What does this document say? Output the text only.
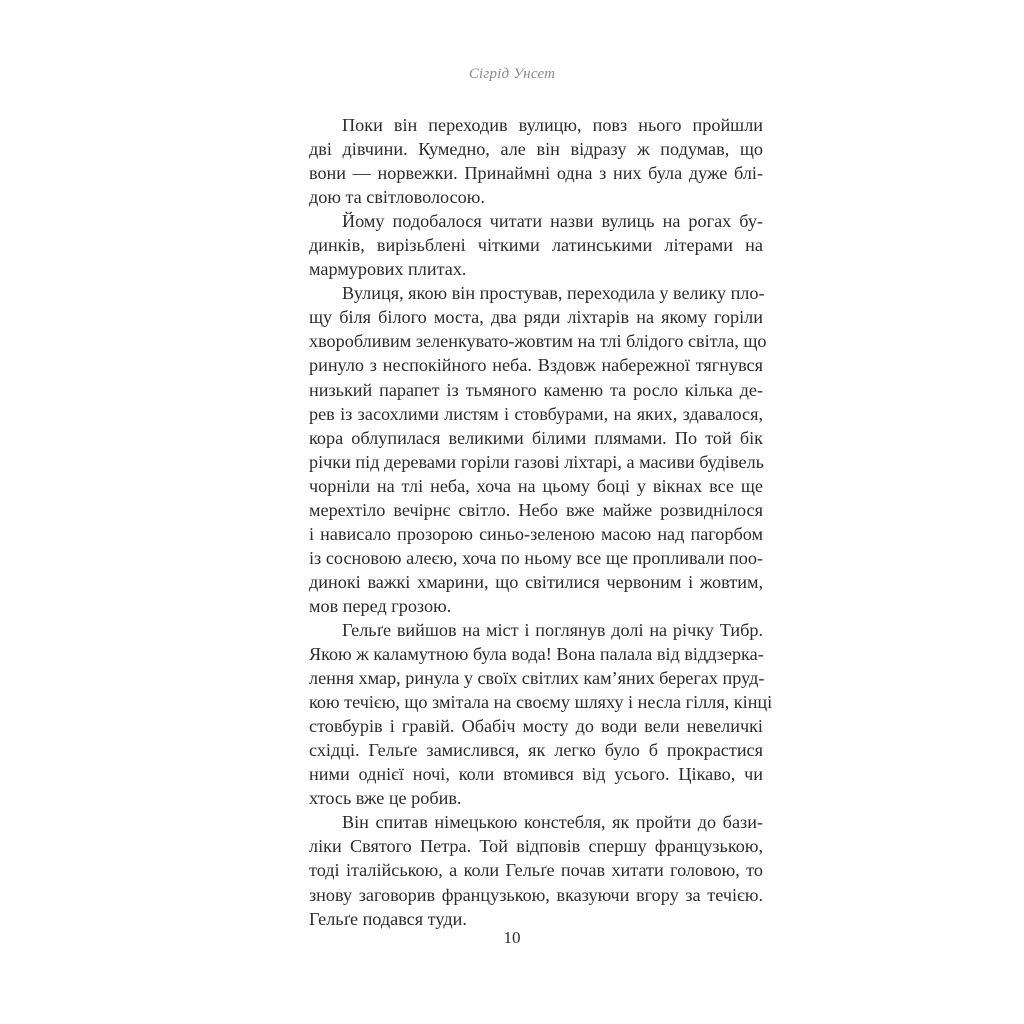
Сігрід Унсет
Поки він переходив вулицю, повз нього пройшли
дві дівчини. Кумедно, але він відразу ж подумав, що
вони — норвежки. Принаймні одна з них була дуже блі-
дою та світловолосою.
Йому подобалося читати назви вулиць на рогах бу-
динків, вирізьблені чіткими латинськими літерами на
мармурових плитах.
Вулиця, якою він простував, переходила у велику пло-
щу біля білого моста, два ряди ліхтарів на якому горіли
хворобливим зеленкувато-жовтим на тлі блідого світла, що
ринуло з неспокійного неба. Вздовж набережної тягнувся
низький парапет із тьмяного каменю та росло кілька де-
рев із засохлими листям і стовбурами, на яких, здавалося,
кора облупилася великими білими плямами. По той бік
річки під деревами горіли газові ліхтарі, а масиви будівель
чорніли на тлі неба, хоча на цьому боці у вікнах все ще
мерехтіло вечірнє світло. Небо вже майже розвиднілося
і нависало прозорою синьо-зеленою масою над пагорбом
із сосновою алеєю, хоча по ньому все ще пропливали поо-
динокі важкі хмарини, що світилися червоним і жовтим,
мов перед грозою.
Гельґе вийшов на міст і поглянув долі на річку Тибр.
Якою ж каламутною була вода! Вона палала від віддзерка-
лення хмар, ринула у своїх світлих кам’яних берегах пруд-
кою течією, що змітала на своєму шляху і несла гілля, кінці
стовбурів і гравій. Обабіч мосту до води вели невеличкі
східці. Гельґе замислився, як легко було б прокрастися
ними однієї ночі, коли втомився від усього. Цікаво, чи
хтось вже це робив.
Він спитав німецькою констебля, як пройти до бази-
ліки Святого Петра. Той відповів спершу французькою,
тоді італійською, а коли Гельґе почав хитати головою, то
знову заговорив французькою, вказуючи вгору за течією.
Гельґе подався туди.
10
